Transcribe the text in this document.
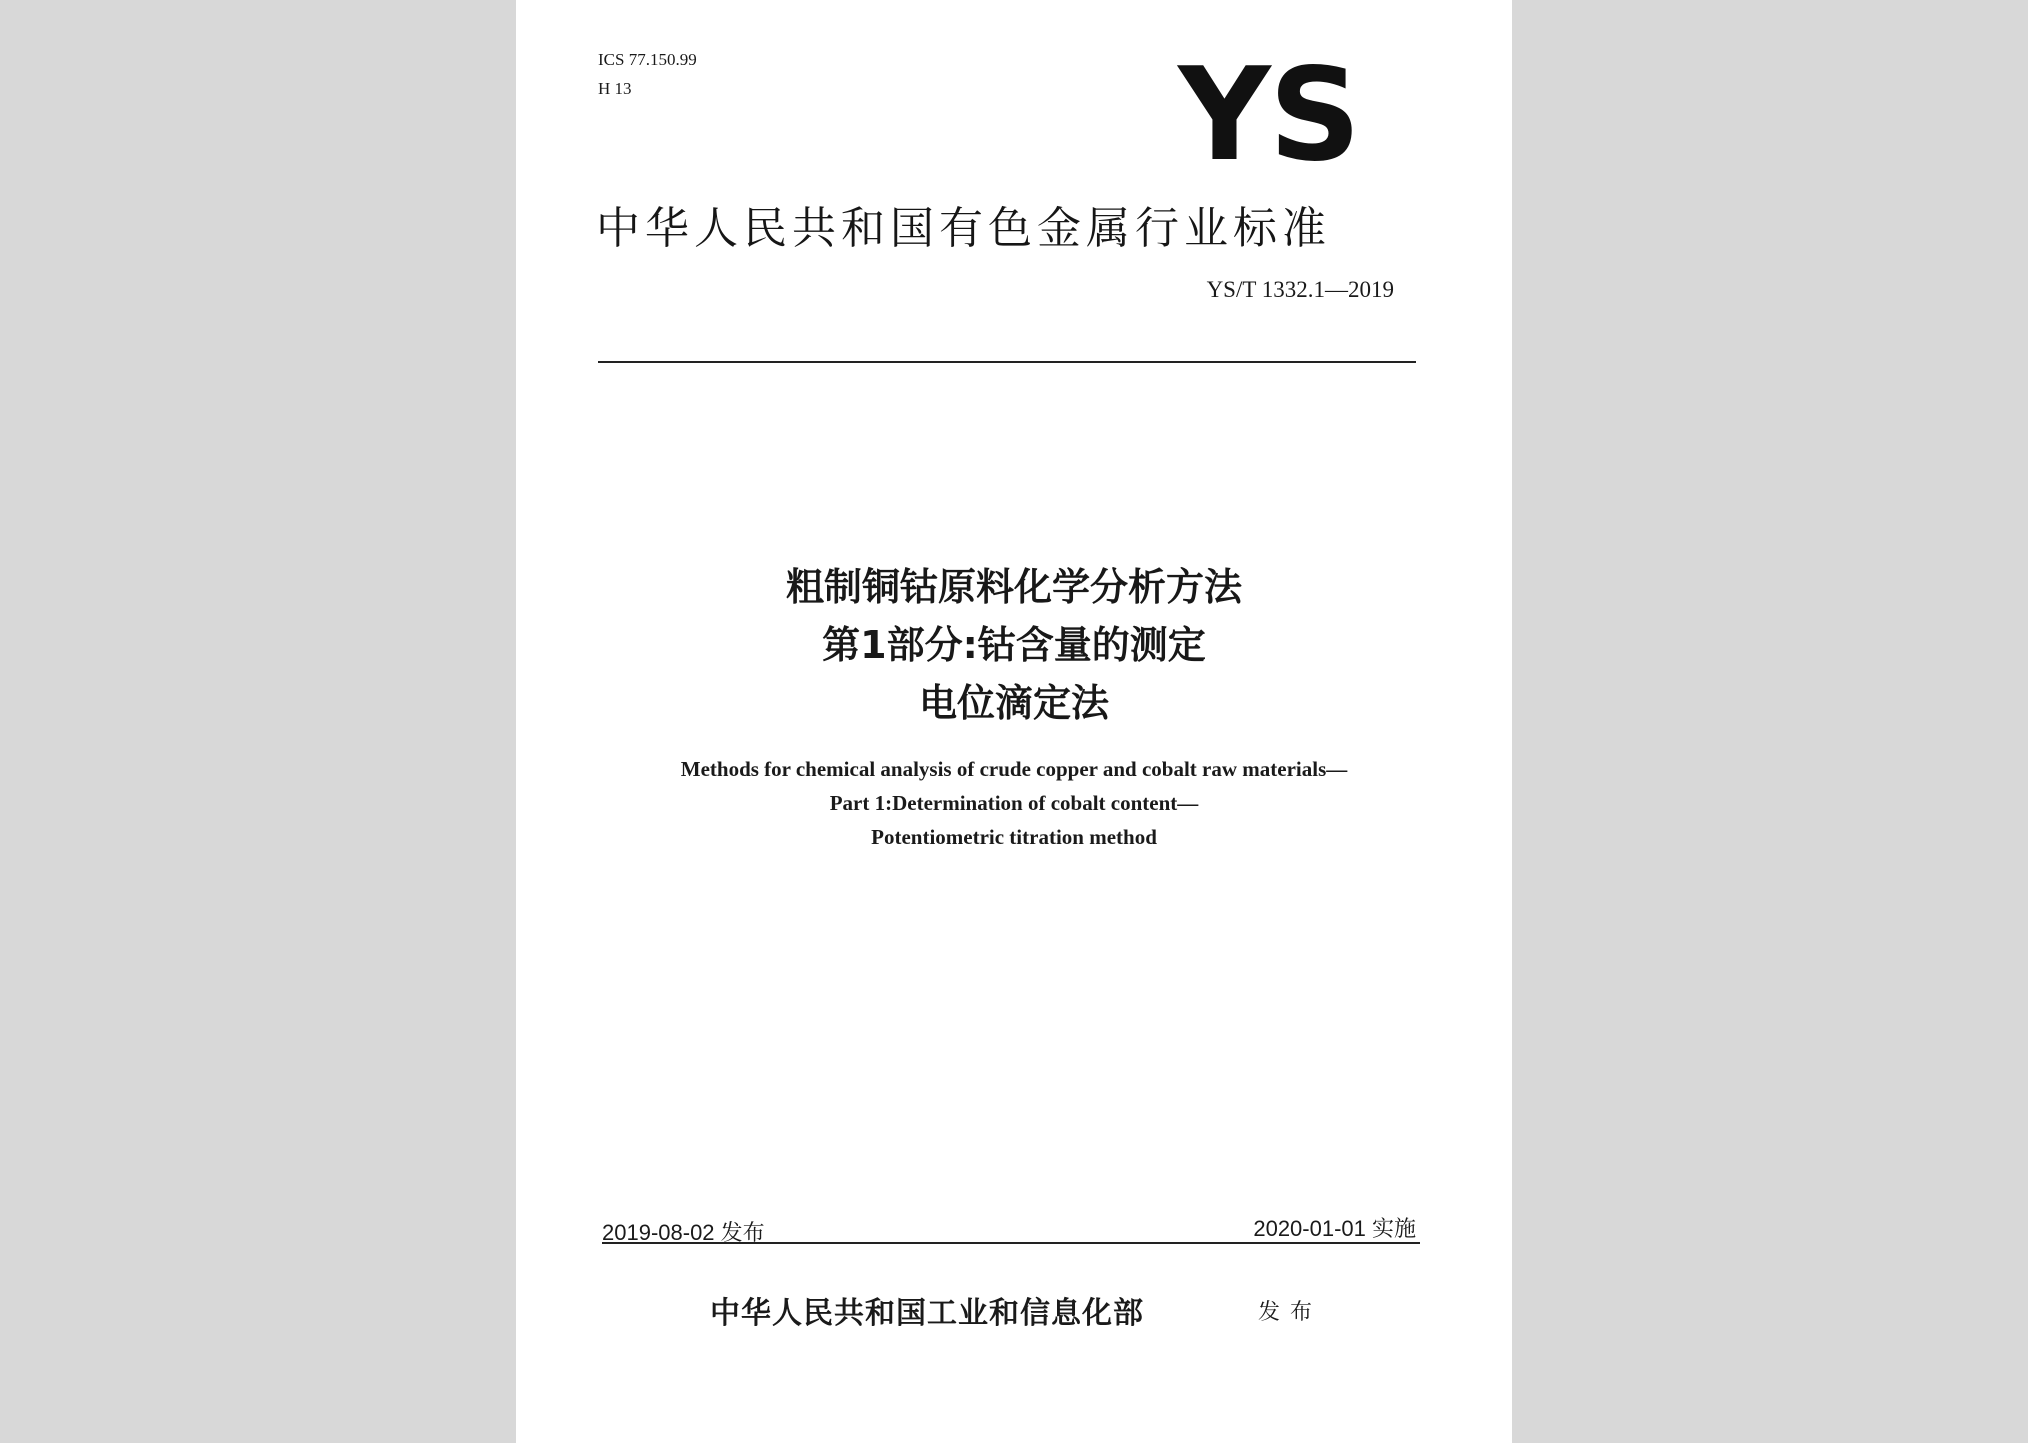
ICS 77.150.99
H 13	YS
中华人民共和国有色金属行业标准
YS/T 1332.1—2019
粗制铜钴原料化学分析方法
第1部分:钴含量的测定
电位滴定法
Methods for chemical analysis of crude copper and cobalt raw materials—
Part 1:Determination of cobalt content—
Potentiometric titration method
2019-08-02 发布	2020-01-01 实施
中华人民共和国工业和信息化部	发布
